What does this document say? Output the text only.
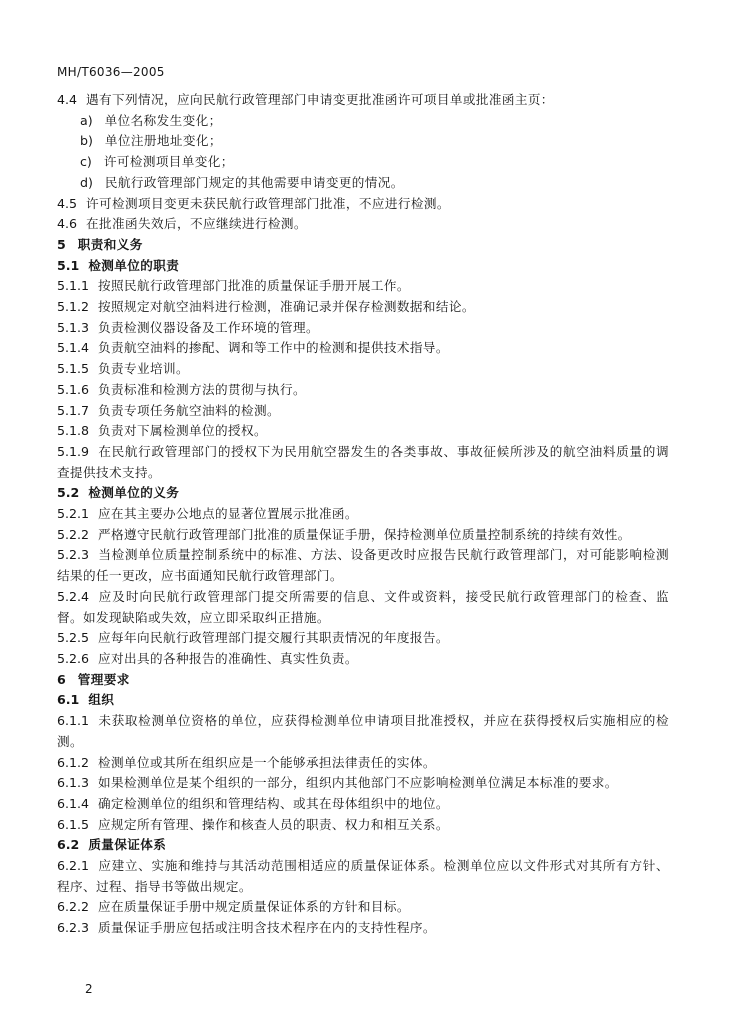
MH/T6036—2005

4.4 遇有下列情况，应向民航行政管理部门申请变更批准函许可项目单或批准函主页：

a) 单位名称发生变化；

b) 单位注册地址变化；

c) 许可检测项目单变化；

d) 民航行政管理部门规定的其他需要申请变更的情况。

4.5 许可检测项目变更未获民航行政管理部门批准，不应进行检测。

4.6 在批准函失效后，不应继续进行检测。

5 职责和义务

5.1 检测单位的职责

5.1.1 按照民航行政管理部门批准的质量保证手册开展工作。

5.1.2 按照规定对航空油料进行检测，准确记录并保存检测数据和结论。

5.1.3 负责检测仪器设备及工作环境的管理。

5.1.4 负责航空油料的掺配、调和等工作中的检测和提供技术指导。

5.1.5 负责专业培训。

5.1.6 负责标准和检测方法的贯彻与执行。

5.1.7 负责专项任务航空油料的检测。

5.1.8 负责对下属检测单位的授权。

5.1.9 在民航行政管理部门的授权下为民用航空器发生的各类事故、事故征候所涉及的航空油料质量的调查提供技术支持。

5.2 检测单位的义务

5.2.1 应在其主要办公地点的显著位置展示批准函。

5.2.2 严格遵守民航行政管理部门批准的质量保证手册，保持检测单位质量控制系统的持续有效性。

5.2.3 当检测单位质量控制系统中的标准、方法、设备更改时应报告民航行政管理部门，对可能影响检测结果的任一更改，应书面通知民航行政管理部门。

5.2.4 应及时向民航行政管理部门提交所需要的信息、文件或资料，接受民航行政管理部门的检查、监督。如发现缺陷或失效，应立即采取纠正措施。

5.2.5 应每年向民航行政管理部门提交履行其职责情况的年度报告。

5.2.6 应对出具的各种报告的准确性、真实性负责。

6 管理要求

6.1 组织

6.1.1 未获取检测单位资格的单位，应获得检测单位申请项目批准授权，并应在获得授权后实施相应的检测。

6.1.2 检测单位或其所在组织应是一个能够承担法律责任的实体。

6.1.3 如果检测单位是某个组织的一部分，组织内其他部门不应影响检测单位满足本标准的要求。

6.1.4 确定检测单位的组织和管理结构、或其在母体组织中的地位。

6.1.5 应规定所有管理、操作和核查人员的职责、权力和相互关系。

6.2 质量保证体系

6.2.1 应建立、实施和维持与其活动范围相适应的质量保证体系。检测单位应以文件形式对其所有方针、程序、过程、指导书等做出规定。

6.2.2 应在质量保证手册中规定质量保证体系的方针和目标。

6.2.3 质量保证手册应包括或注明含技术程序在内的支持性程序。

2
